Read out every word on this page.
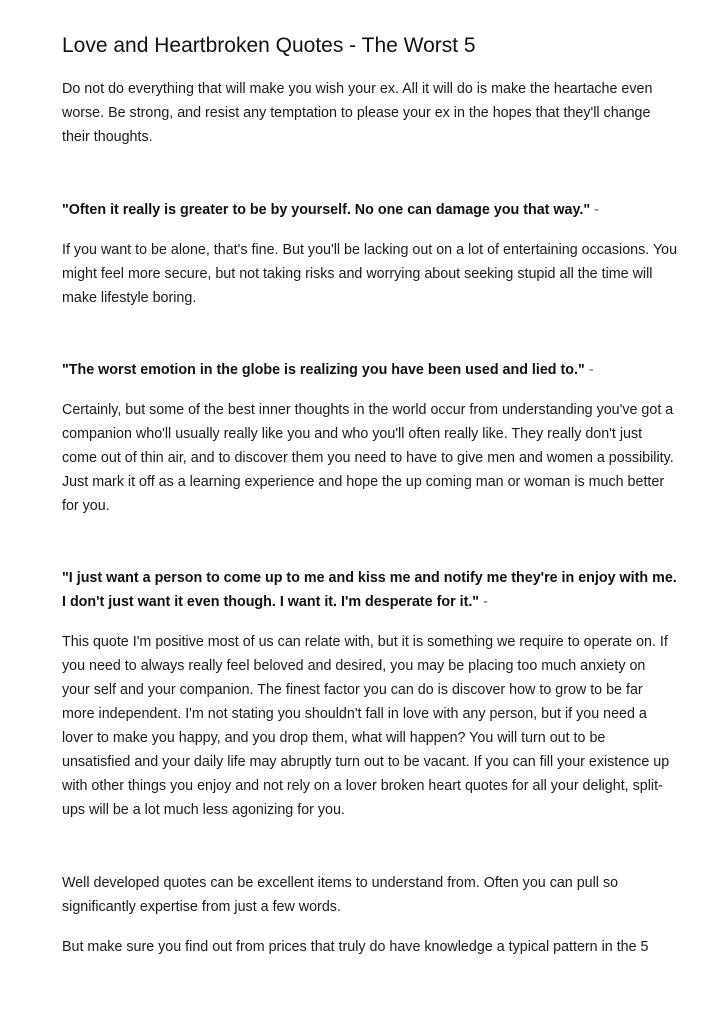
Love and Heartbroken Quotes - The Worst 5

Do not do everything that will make you wish your ex. All it will do is make the heartache even worse. Be strong, and resist any temptation to please your ex in the hopes that they'll change their thoughts.

"Often it really is greater to be by yourself. No one can damage you that way." -

If you want to be alone, that's fine. But you'll be lacking out on a lot of entertaining occasions. You might feel more secure, but not taking risks and worrying about seeking stupid all the time will make lifestyle boring.

"The worst emotion in the globe is realizing you have been used and lied to." -

Certainly, but some of the best inner thoughts in the world occur from understanding you've got a companion who'll usually really like you and who you'll often really like. They really don't just come out of thin air, and to discover them you need to have to give men and women a possibility. Just mark it off as a learning experience and hope the up coming man or woman is much better for you.

"I just want a person to come up to me and kiss me and notify me they're in enjoy with me. I don't just want it even though. I want it. I'm desperate for it." -

This quote I'm positive most of us can relate with, but it is something we require to operate on. If you need to always really feel beloved and desired, you may be placing too much anxiety on your self and your companion. The finest factor you can do is discover how to grow to be far more independent. I'm not stating you shouldn't fall in love with any person, but if you need a lover to make you happy, and you drop them, what will happen? You will turn out to be unsatisfied and your daily life may abruptly turn out to be vacant. If you can fill your existence up with other things you enjoy and not rely on a lover broken heart quotes for all your delight, split-ups will be a lot much less agonizing for you.

Well developed quotes can be excellent items to understand from. Often you can pull so significantly expertise from just a few words.

But make sure you find out from prices that truly do have knowledge a typical pattern in the 5
